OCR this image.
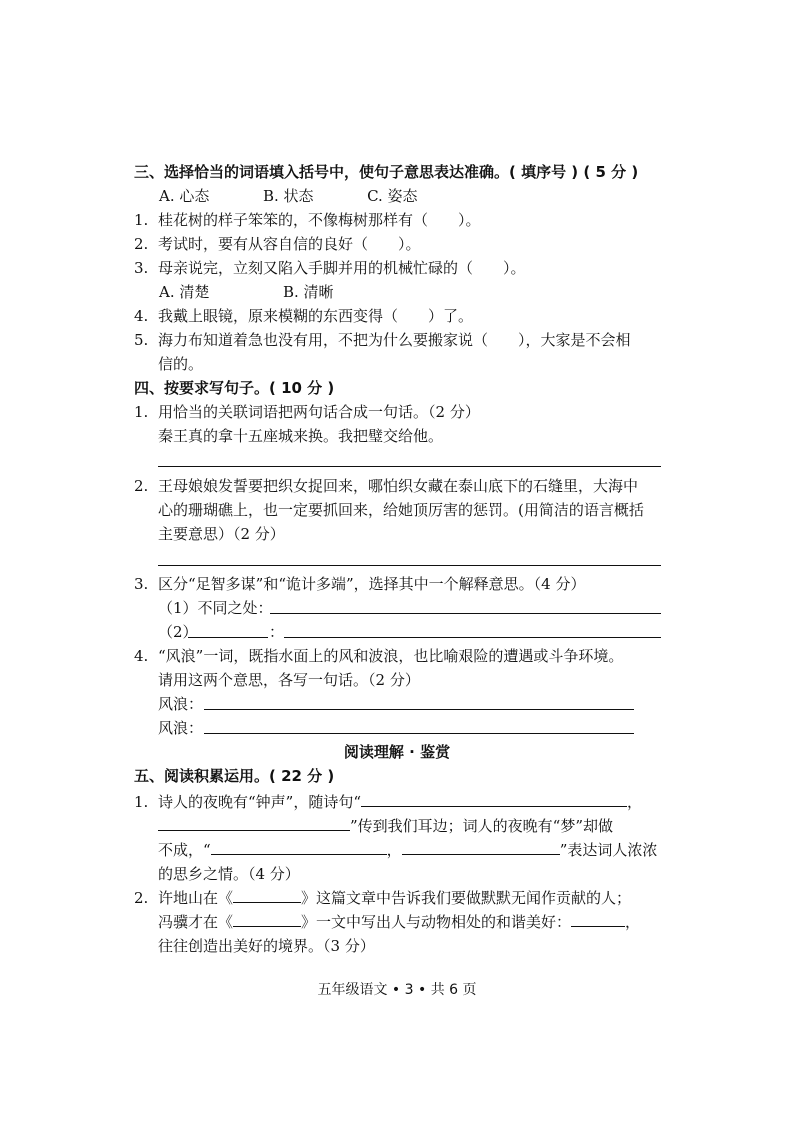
三、选择恰当的词语填入括号中，使句子意思表达准确。( 填序号 ) ( 5 分 )
A. 心态	B. 状态	C. 姿态
1. 桂花树的样子笨笨的，不像梅树那样有（　　）。
2. 考试时，要有从容自信的良好（　　）。
3. 母亲说完，立刻又陷入手脚并用的机械忙碌的（　　）。
A. 清楚	B. 清晰
4. 我戴上眼镜，原来模糊的东西变得（　　）了。
5. 海力布知道着急也没有用，不把为什么要搬家说（　　），大家是不会相
信的。
四、按要求写句子。( 10 分 )
1. 用恰当的关联词语把两句话合成一句话。（2 分）
秦王真的拿十五座城来换。我把璧交给他。
2. 王母娘娘发誓要把织女捉回来，哪怕织女藏在泰山底下的石缝里，大海中
心的珊瑚礁上，也一定要抓回来，给她顶厉害的惩罚。(用简洁的语言概括
主要意思）（2 分）
3. 区分“足智多谋”和“诡计多端”，选择其中一个解释意思。（4 分）
（1）不同之处：
（2）	：
4. “风浪”一词，既指水面上的风和波浪，也比喻艰险的遭遇或斗争环境。
请用这两个意思，各写一句话。（2 分）
风浪：
风浪：
阅读理解 · 鉴赏
五、阅读积累运用。( 22 分 )
1. 诗人的夜晚有“钟声”，随诗句“	，
”传到我们耳边；词人的夜晚有“梦”却做
不成，“	，	”表达词人浓浓
的思乡之情。（4 分）
2. 许地山在《	》这篇文章中告诉我们要做默默无闻作贡献的人；
冯骥才在《	》一文中写出人与动物相处的和谐美好：	，
往往创造出美好的境界。（3 分）
五年级语文 • 3 • 共 6 页
